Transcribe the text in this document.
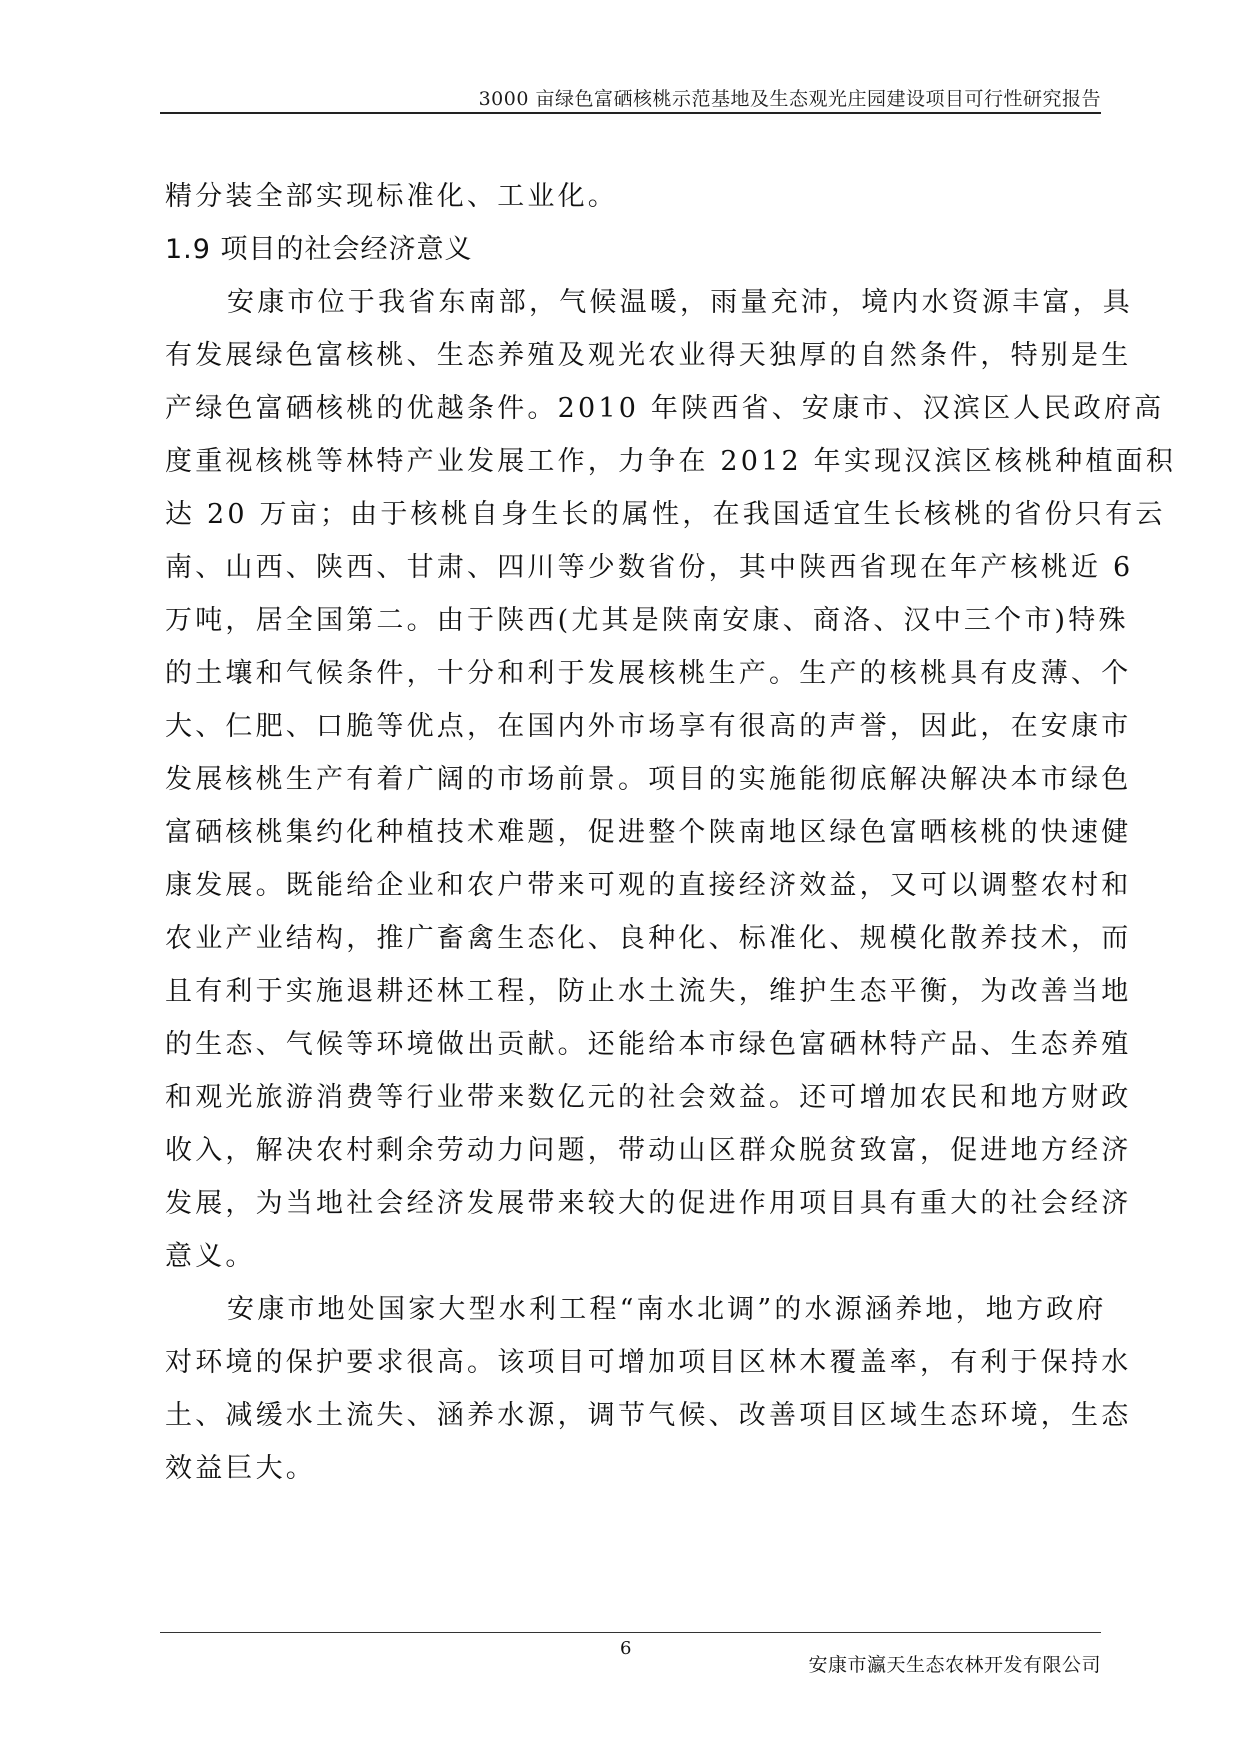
3000 亩绿色富硒核桃示范基地及生态观光庄园建设项目可行性研究报告
精分装全部实现标准化、工业化。
1.9 项目的社会经济意义
安康市位于我省东南部，气候温暖，雨量充沛，境内水资源丰富，具
有发展绿色富核桃、生态养殖及观光农业得天独厚的自然条件，特别是生
产绿色富硒核桃的优越条件。2010 年陕西省、安康市、汉滨区人民政府高
度重视核桃等林特产业发展工作，力争在 2012 年实现汉滨区核桃种植面积
达 20 万亩；由于核桃自身生长的属性，在我国适宜生长核桃的省份只有云
南、山西、陕西、甘肃、四川等少数省份，其中陕西省现在年产核桃近 6
万吨，居全国第二。由于陕西(尤其是陕南安康、商洛、汉中三个市)特殊
的土壤和气候条件，十分和利于发展核桃生产。生产的核桃具有皮薄、个
大、仁肥、口脆等优点，在国内外市场享有很高的声誉，因此，在安康市
发展核桃生产有着广阔的市场前景。项目的实施能彻底解决解决本市绿色
富硒核桃集约化种植技术难题，促进整个陕南地区绿色富晒核桃的快速健
康发展。既能给企业和农户带来可观的直接经济效益，又可以调整农村和
农业产业结构，推广畜禽生态化、良种化、标准化、规模化散养技术，而
且有利于实施退耕还林工程，防止水土流失，维护生态平衡，为改善当地
的生态、气候等环境做出贡献。还能给本市绿色富硒林特产品、生态养殖
和观光旅游消费等行业带来数亿元的社会效益。还可增加农民和地方财政
收入，解决农村剩余劳动力问题，带动山区群众脱贫致富，促进地方经济
发展，为当地社会经济发展带来较大的促进作用项目具有重大的社会经济
意义。
安康市地处国家大型水利工程“南水北调”的水源涵养地，地方政府
对环境的保护要求很高。该项目可增加项目区林木覆盖率，有利于保持水
土、减缓水土流失、涵养水源，调节气候、改善项目区域生态环境，生态
效益巨大。
6
安康市瀛天生态农林开发有限公司
